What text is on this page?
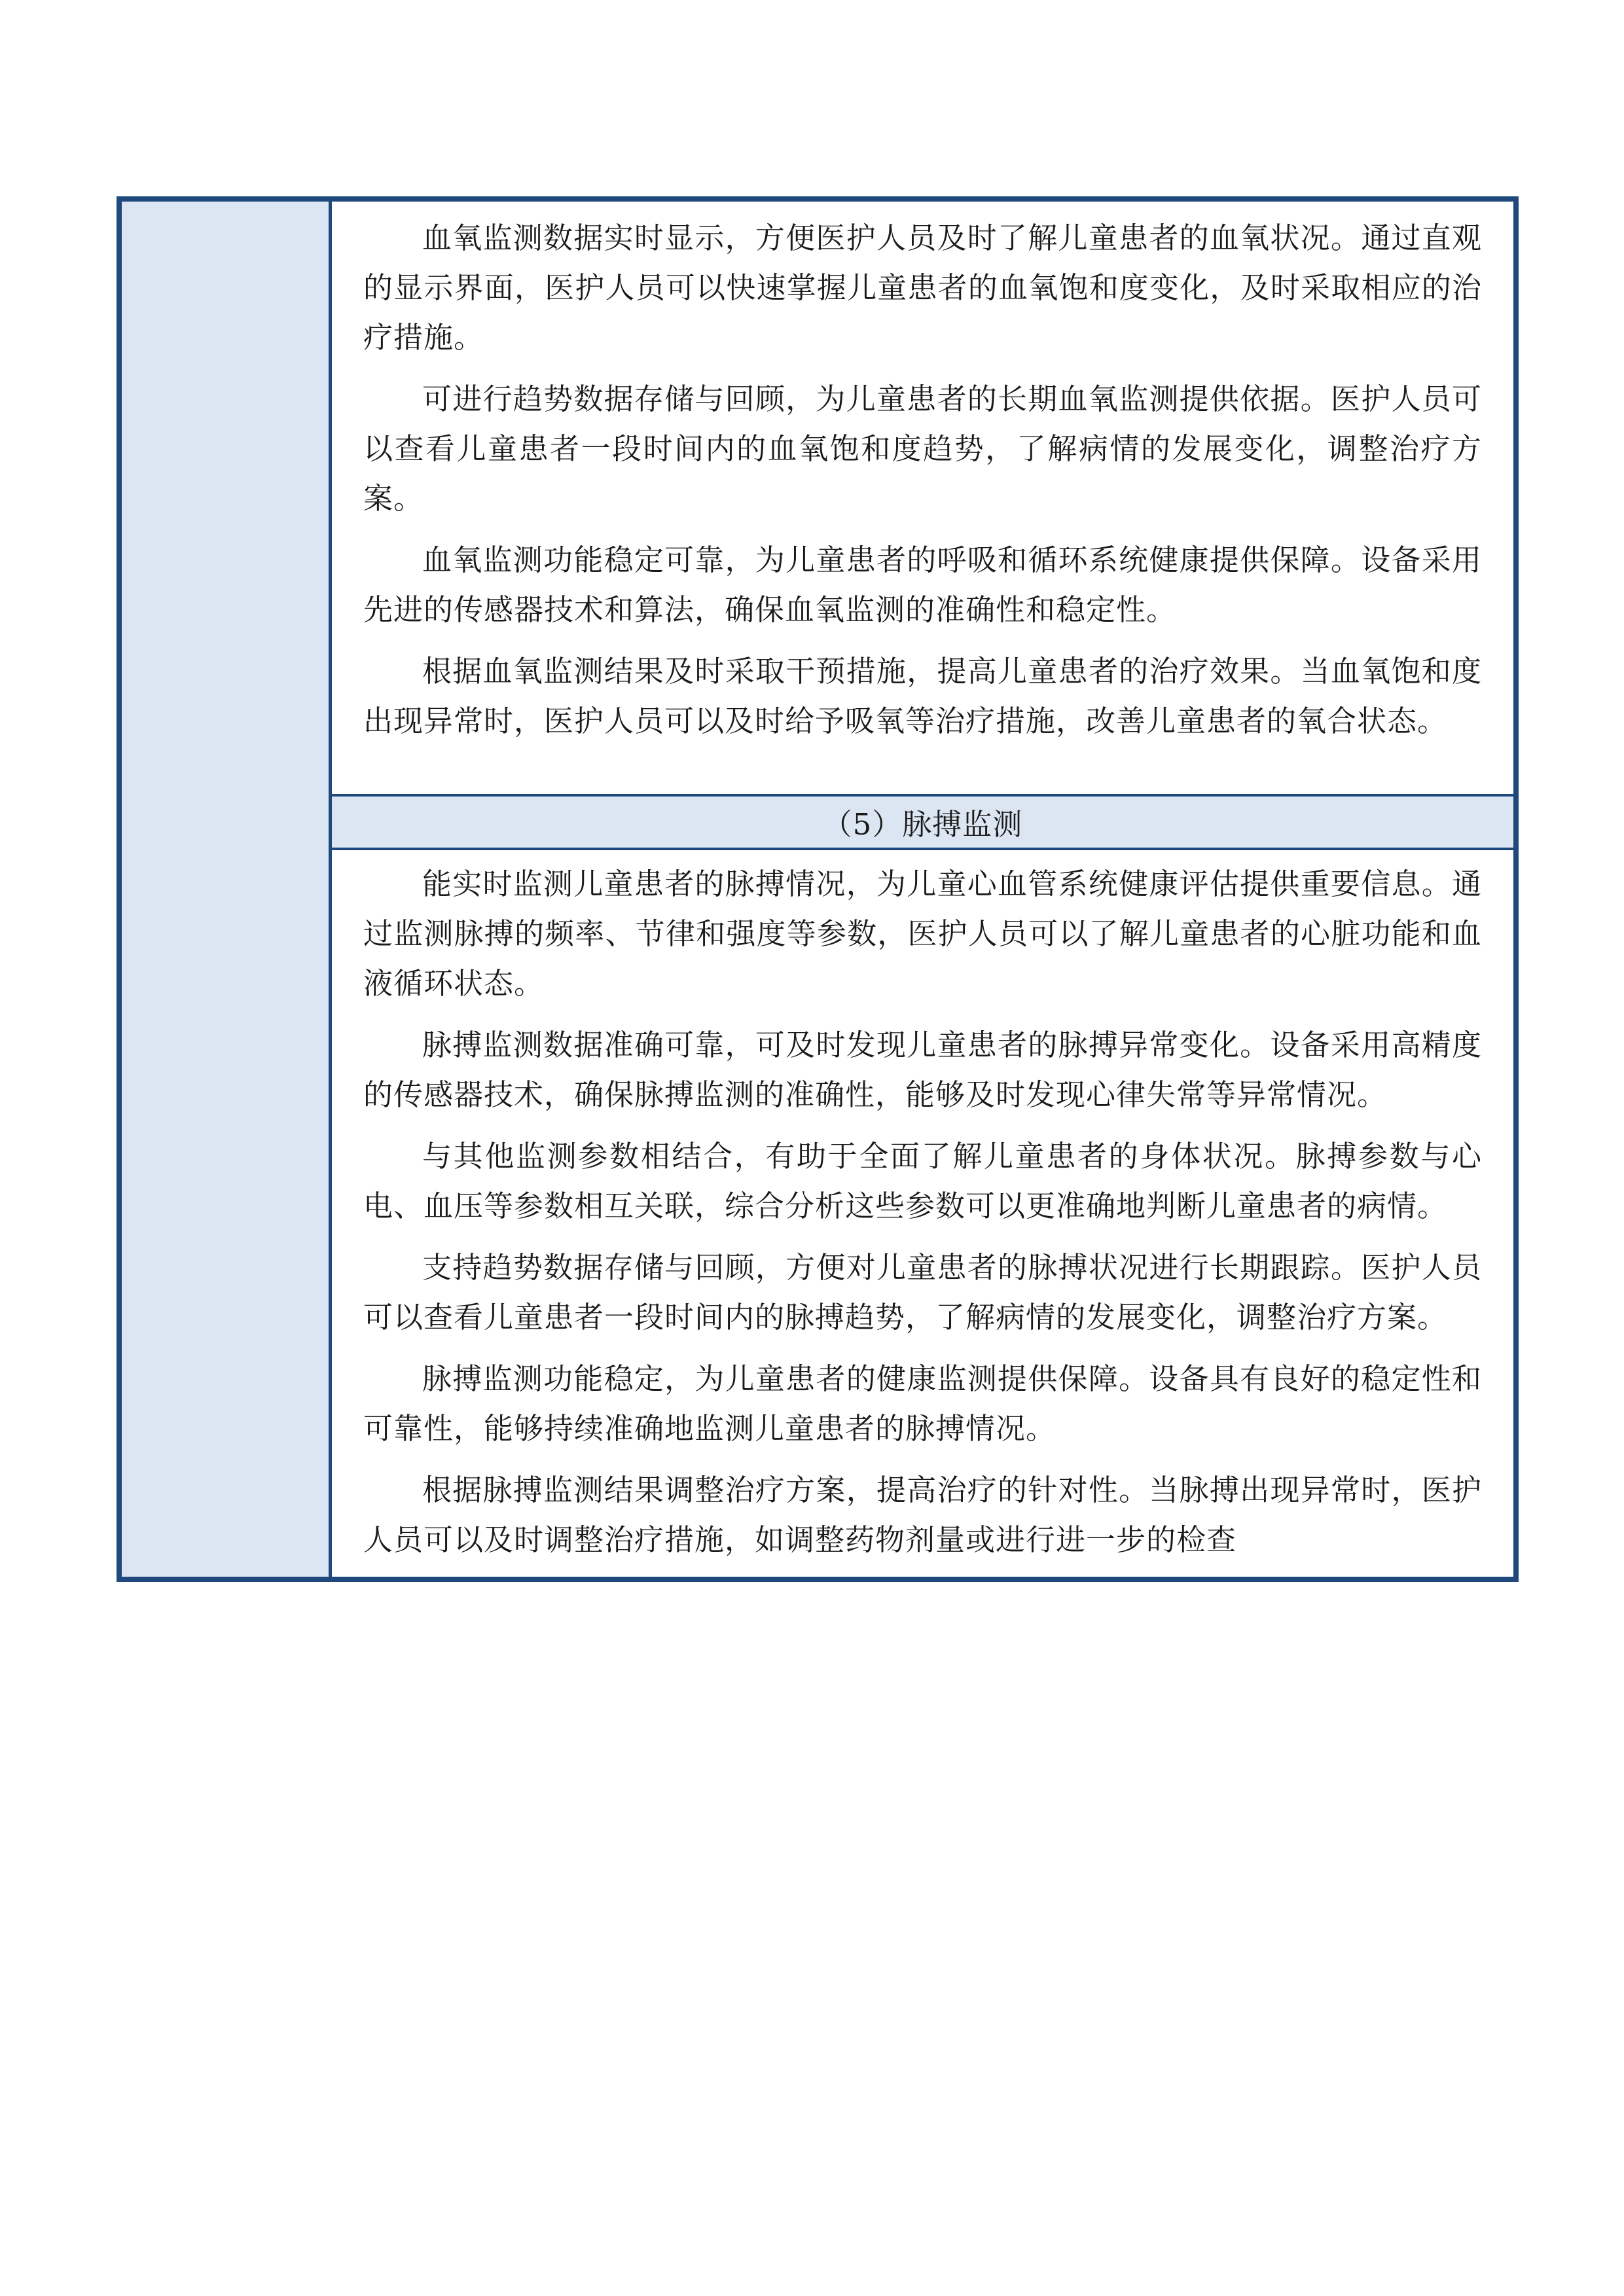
血氧监测数据实时显示，方便医护人员及时了解儿童患者的血氧状况。通过直观的显示界面，医护人员可以快速掌握儿童患者的血氧饱和度变化，及时采取相应的治疗措施。

可进行趋势数据存储与回顾，为儿童患者的长期血氧监测提供依据。医护人员可以查看儿童患者一段时间内的血氧饱和度趋势，了解病情的发展变化，调整治疗方案。

血氧监测功能稳定可靠，为儿童患者的呼吸和循环系统健康提供保障。设备采用先进的传感器技术和算法，确保血氧监测的准确性和稳定性。

根据血氧监测结果及时采取干预措施，提高儿童患者的治疗效果。当血氧饱和度出现异常时，医护人员可以及时给予吸氧等治疗措施，改善儿童患者的氧合状态。

（5）脉搏监测

能实时监测儿童患者的脉搏情况，为儿童心血管系统健康评估提供重要信息。通过监测脉搏的频率、节律和强度等参数，医护人员可以了解儿童患者的心脏功能和血液循环状态。

脉搏监测数据准确可靠，可及时发现儿童患者的脉搏异常变化。设备采用高精度的传感器技术，确保脉搏监测的准确性，能够及时发现心律失常等异常情况。

与其他监测参数相结合，有助于全面了解儿童患者的身体状况。脉搏参数与心电、血压等参数相互关联，综合分析这些参数可以更准确地判断儿童患者的病情。

支持趋势数据存储与回顾，方便对儿童患者的脉搏状况进行长期跟踪。医护人员可以查看儿童患者一段时间内的脉搏趋势，了解病情的发展变化，调整治疗方案。

脉搏监测功能稳定，为儿童患者的健康监测提供保障。设备具有良好的稳定性和可靠性，能够持续准确地监测儿童患者的脉搏情况。

根据脉搏监测结果调整治疗方案，提高治疗的针对性。当脉搏出现异常时，医护人员可以及时调整治疗措施，如调整药物剂量或进行进一步的检查
